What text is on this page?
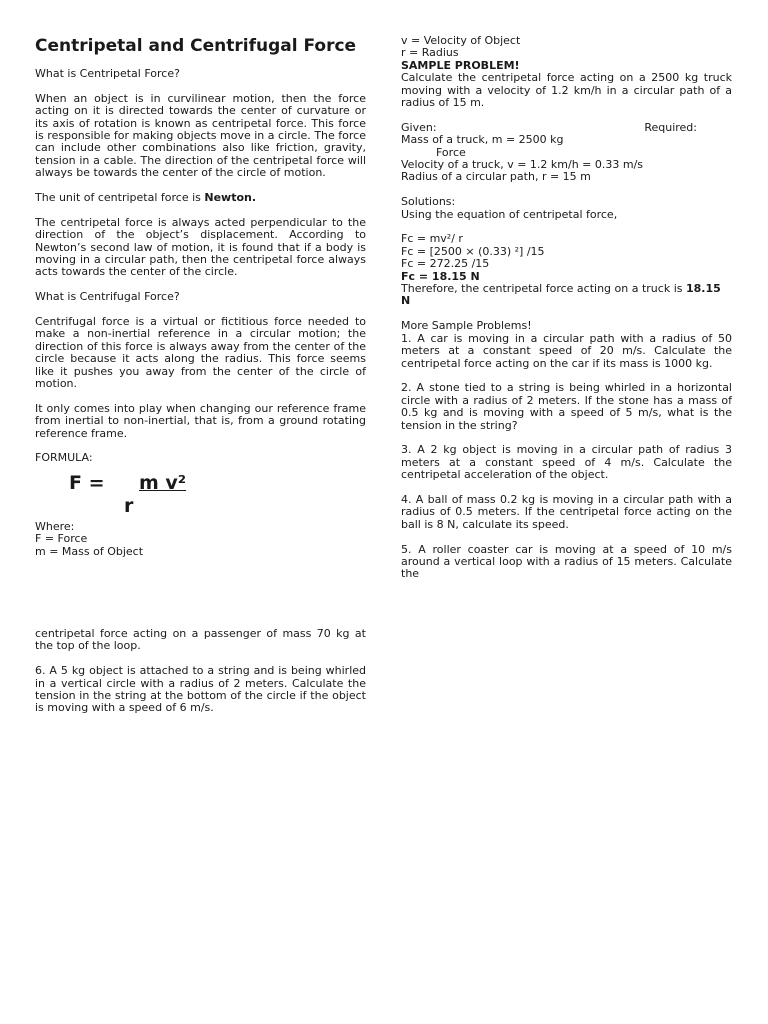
Centripetal and Centrifugal Force

What is Centripetal Force?

When an object is in curvilinear motion, then the force acting on it is directed towards the center of curvature or its axis of rotation is known as centripetal force. This force is responsible for making objects move in a circle. The force can include other combinations also like friction, gravity, tension in a cable. The direction of the centripetal force will always be towards the center of the circle of motion.

The unit of centripetal force is Newton.

The centripetal force is always acted perpendicular to the direction of the object’s displacement. According to Newton’s second law of motion, it is found that if a body is moving in a circular path, then the centripetal force always acts towards the center of the circle.

What is Centrifugal Force?

Centrifugal force is a virtual or fictitious force needed to make a non-inertial reference in a circular motion; the direction of this force is always away from the center of the circle because it acts along the radius. This force seems like it pushes you away from the center of the circle of motion.

It only comes into play when changing our reference frame from inertial to non-inertial, that is, from a ground rotating reference frame.

FORMULA:

F = m v²
r

Where:

F = Force

m = Mass of Object

centripetal force acting on a passenger of mass 70 kg at the top of the loop.

6. A 5 kg object is attached to a string and is being whirled in a vertical circle with a radius of 2 meters. Calculate the tension in the string at the bottom of the circle if the object is moving with a speed of 6 m/s.

v = Velocity of Object

r = Radius

SAMPLE PROBLEM!

Calculate the centripetal force acting on a 2500 kg truck moving with a velocity of 1.2 km/h in a circular path of a radius of 15 m.

Given:	Required:

Mass of a truck, m = 2500 kg

Force

Velocity of a truck, v = 1.2 km/h = 0.33 m/s

Radius of a circular path, r = 15 m

Solutions:

Using the equation of centripetal force,

Fc = mv²/ r

Fc = [2500 × (0.33) ²] /15

Fc = 272.25 /15

Fc = 18.15 N

Therefore, the centripetal force acting on a truck is 18.15 N

More Sample Problems!

1. A car is moving in a circular path with a radius of 50 meters at a constant speed of 20 m/s. Calculate the centripetal force acting on the car if its mass is 1000 kg.

2. A stone tied to a string is being whirled in a horizontal circle with a radius of 2 meters. If the stone has a mass of 0.5 kg and is moving with a speed of 5 m/s, what is the tension in the string?

3. A 2 kg object is moving in a circular path of radius 3 meters at a constant speed of 4 m/s. Calculate the centripetal acceleration of the object.

4. A ball of mass 0.2 kg is moving in a circular path with a radius of 0.5 meters. If the centripetal force acting on the ball is 8 N, calculate its speed.

5. A roller coaster car is moving at a speed of 10 m/s around a vertical loop with a radius of 15 meters. Calculate the
